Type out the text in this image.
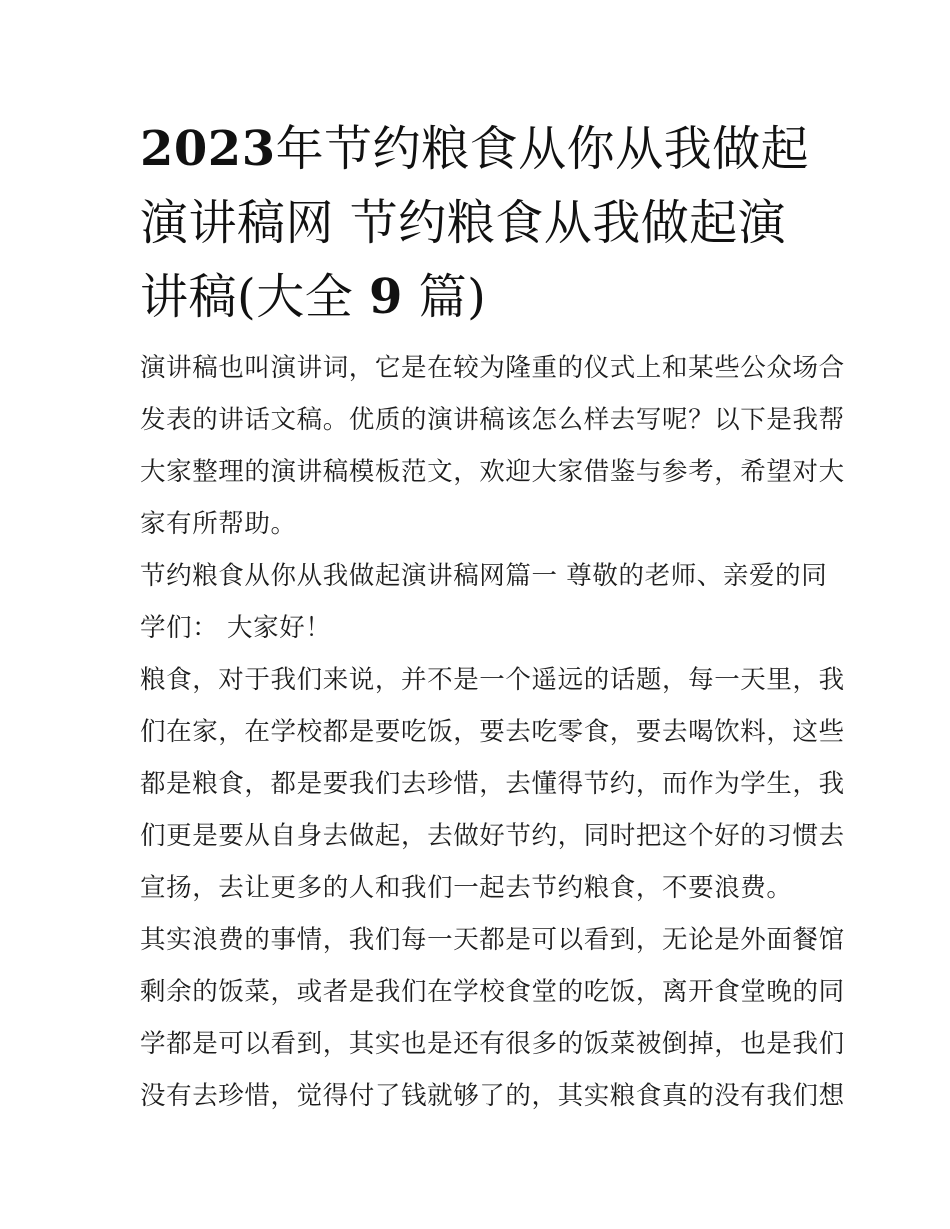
2023年节约粮食从你从我做起
演讲稿网 节约粮食从我做起演
讲稿(大全 9 篇)

演讲稿也叫演讲词，它是在较为隆重的仪式上和某些公众场合
发表的讲话文稿。优质的演讲稿该怎么样去写呢？以下是我帮
大家整理的演讲稿模板范文，欢迎大家借鉴与参考，希望对大
家有所帮助。

节约粮食从你从我做起演讲稿网篇一 尊敬的老师、亲爱的同
学们： 大家好！

粮食，对于我们来说，并不是一个遥远的话题，每一天里，我
们在家，在学校都是要吃饭，要去吃零食，要去喝饮料，这些
都是粮食，都是要我们去珍惜，去懂得节约，而作为学生，我
们更是要从自身去做起，去做好节约，同时把这个好的习惯去
宣扬，去让更多的人和我们一起去节约粮食，不要浪费。

其实浪费的事情，我们每一天都是可以看到，无论是外面餐馆
剩余的饭菜，或者是我们在学校食堂的吃饭，离开食堂晚的同
学都是可以看到，其实也是还有很多的饭菜被倒掉，也是我们
没有去珍惜，觉得付了钱就够了的，其实粮食真的没有我们想
